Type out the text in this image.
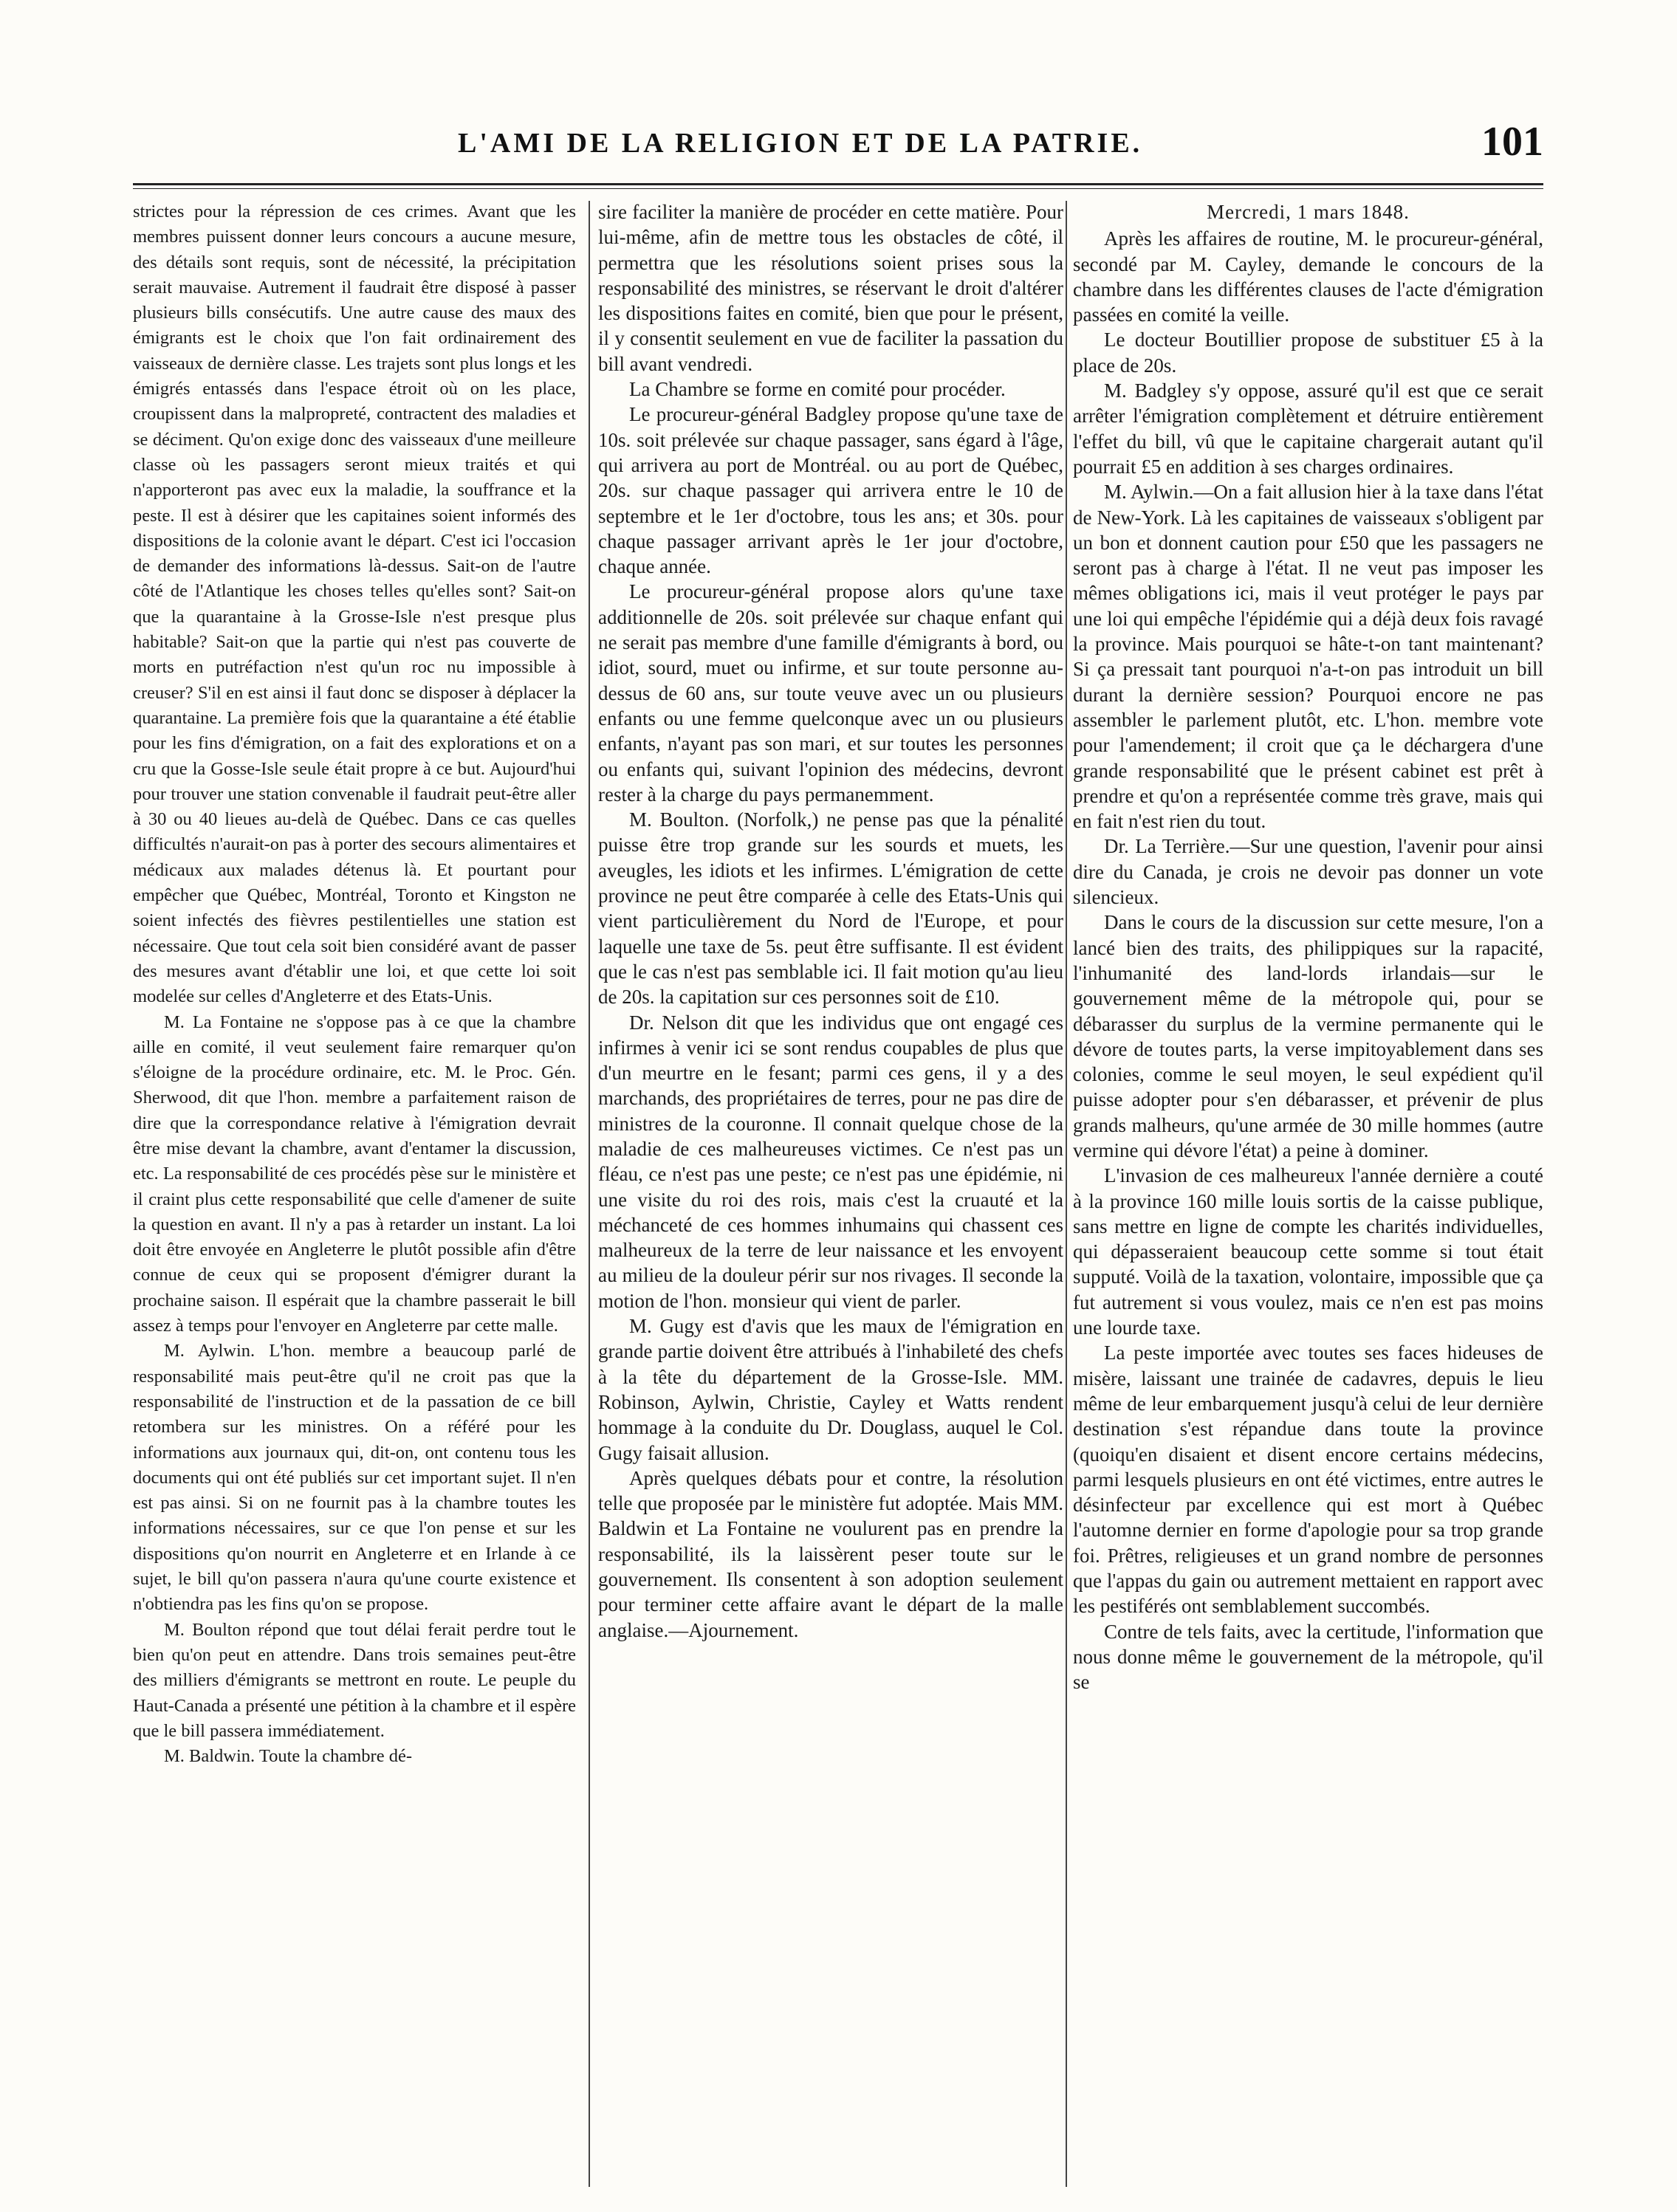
L'AMI DE LA RELIGION ET DE LA PATRIE.	101

strictes pour la répression de ces crimes. Avant que les membres puissent donner leurs concours a aucune mesure, des détails sont requis, sont de nécessité, la précipitation serait mauvaise. Autrement il faudrait être disposé à passer plusieurs bills consécutifs. Une autre cause des maux des émigrants est le choix que l'on fait ordinairement des vaisseaux de dernière classe. Les trajets sont plus longs et les émigrés entassés dans l'espace étroit où on les place, croupissent dans la malpropreté, contractent des maladies et se déciment. Qu'on exige donc des vaisseaux d'une meilleure classe où les passagers seront mieux traités et qui n'apporteront pas avec eux la maladie, la souffrance et la peste. Il est à désirer que les capitaines soient informés des dispositions de la colonie avant le départ. C'est ici l'occasion de demander des informations là-dessus. Sait-on de l'autre côté de l'Atlantique les choses telles qu'elles sont? Sait-on que la quarantaine à la Grosse-Isle n'est presque plus habitable? Sait-on que la partie qui n'est pas couverte de morts en putréfaction n'est qu'un roc nu impossible à creuser? S'il en est ainsi il faut donc se disposer à déplacer la quarantaine. La première fois que la quarantaine a été établie pour les fins d'émigration, on a fait des explorations et on a cru que la Gosse-Isle seule était propre à ce but. Aujourd'hui pour trouver une station convenable il faudrait peut-être aller à 30 ou 40 lieues au-delà de Québec. Dans ce cas quelles difficultés n'aurait-on pas à porter des secours alimentaires et médicaux aux malades détenus là. Et pourtant pour empêcher que Québec, Montréal, Toronto et Kingston ne soient infectés des fièvres pestilentielles une station est nécessaire. Que tout cela soit bien considéré avant de passer des mesures avant d'établir une loi, et que cette loi soit modelée sur celles d'Angleterre et des Etats-Unis.

M. La Fontaine ne s'oppose pas à ce que la chambre aille en comité, il veut seulement faire remarquer qu'on s'éloigne de la procédure ordinaire, etc. M. le Proc. Gén. Sherwood, dit que l'hon. membre a parfaitement raison de dire que la correspondance relative à l'émigration devrait être mise devant la chambre, avant d'entamer la discussion, etc. La responsabilité de ces procédés pèse sur le ministère et il craint plus cette responsabilité que celle d'amener de suite la question en avant. Il n'y a pas à retarder un instant. La loi doit être envoyée en Angleterre le plutôt possible afin d'être connue de ceux qui se proposent d'émigrer durant la prochaine saison. Il espérait que la chambre passerait le bill assez à temps pour l'envoyer en Angleterre par cette malle.

M. Aylwin. L'hon. membre a beaucoup parlé de responsabilité mais peut-être qu'il ne croit pas que la responsabilité de l'instruction et de la passation de ce bill retombera sur les ministres. On a référé pour les informations aux journaux qui, dit-on, ont contenu tous les documents qui ont été publiés sur cet important sujet. Il n'en est pas ainsi. Si on ne fournit pas à la chambre toutes les informations nécessaires, sur ce que l'on pense et sur les dispositions qu'on nourrit en Angleterre et en Irlande à ce sujet, le bill qu'on passera n'aura qu'une courte existence et n'obtiendra pas les fins qu'on se propose.

M. Boulton répond que tout délai ferait perdre tout le bien qu'on peut en attendre. Dans trois semaines peut-être des milliers d'émigrants se mettront en route. Le peuple du Haut-Canada a présenté une pétition à la chambre et il espère que le bill passera immédiatement.

M. Baldwin. Toute la chambre dé-

sire faciliter la manière de procéder en cette matière. Pour lui-même, afin de mettre tous les obstacles de côté, il permettra que les résolutions soient prises sous la responsabilité des ministres, se réservant le droit d'altérer les dispositions faites en comité, bien que pour le présent, il y consentit seulement en vue de faciliter la passation du bill avant vendredi.

La Chambre se forme en comité pour procéder.

Le procureur-général Badgley propose qu'une taxe de 10s. soit prélevée sur chaque passager, sans égard à l'âge, qui arrivera au port de Montréal. ou au port de Québec, 20s. sur chaque passager qui arrivera entre le 10 de septembre et le 1er d'octobre, tous les ans; et 30s. pour chaque passager arrivant après le 1er jour d'octobre, chaque année.

Le procureur-général propose alors qu'une taxe additionnelle de 20s. soit prélevée sur chaque enfant qui ne serait pas membre d'une famille d'émigrants à bord, ou idiot, sourd, muet ou infirme, et sur toute personne au-dessus de 60 ans, sur toute veuve avec un ou plusieurs enfants ou une femme quelconque avec un ou plusieurs enfants, n'ayant pas son mari, et sur toutes les personnes ou enfants qui, suivant l'opinion des médecins, devront rester à la charge du pays permanemment.

M. Boulton. (Norfolk,) ne pense pas que la pénalité puisse être trop grande sur les sourds et muets, les aveugles, les idiots et les infirmes. L'émigration de cette province ne peut être comparée à celle des Etats-Unis qui vient particulièrement du Nord de l'Europe, et pour laquelle une taxe de 5s. peut être suffisante. Il est évident que le cas n'est pas semblable ici. Il fait motion qu'au lieu de 20s. la capitation sur ces personnes soit de £10.

Dr. Nelson dit que les individus que ont engagé ces infirmes à venir ici se sont rendus coupables de plus que d'un meurtre en le fesant; parmi ces gens, il y a des marchands, des propriétaires de terres, pour ne pas dire de ministres de la couronne. Il connait quelque chose de la maladie de ces malheureuses victimes. Ce n'est pas un fléau, ce n'est pas une peste; ce n'est pas une épidémie, ni une visite du roi des rois, mais c'est la cruauté et la méchanceté de ces hommes inhumains qui chassent ces malheureux de la terre de leur naissance et les envoyent au milieu de la douleur périr sur nos rivages. Il seconde la motion de l'hon. monsieur qui vient de parler.

M. Gugy est d'avis que les maux de l'émigration en grande partie doivent être attribués à l'inhabileté des chefs à la tête du département de la Grosse-Isle. MM. Robinson, Aylwin, Christie, Cayley et Watts rendent hommage à la conduite du Dr. Douglass, auquel le Col. Gugy faisait allusion.

Après quelques débats pour et contre, la résolution telle que proposée par le ministère fut adoptée. Mais MM. Baldwin et La Fontaine ne voulurent pas en prendre la responsabilité, ils la laissèrent peser toute sur le gouvernement. Ils consentent à son adoption seulement pour terminer cette affaire avant le départ de la malle anglaise.—Ajournement.

Mercredi, 1 mars 1848.

Après les affaires de routine, M. le procureur-général, secondé par M. Cayley, demande le concours de la chambre dans les différentes clauses de l'acte d'émigration passées en comité la veille.

Le docteur Boutillier propose de substituer £5 à la place de 20s.

M. Badgley s'y oppose, assuré qu'il est que ce serait arrêter l'émigration complètement et détruire entièrement l'effet du bill, vû que le capitaine chargerait autant qu'il pourrait £5 en addition à ses charges ordinaires.

M. Aylwin.—On a fait allusion hier à la taxe dans l'état de New-York. Là les capitaines de vaisseaux s'obligent par un bon et donnent caution pour £50 que les passagers ne seront pas à charge à l'état. Il ne veut pas imposer les mêmes obligations ici, mais il veut protéger le pays par une loi qui empêche l'épidémie qui a déjà deux fois ravagé la province. Mais pourquoi se hâte-t-on tant maintenant? Si ça pressait tant pourquoi n'a-t-on pas introduit un bill durant la dernière session? Pourquoi encore ne pas assembler le parlement plutôt, etc. L'hon. membre vote pour l'amendement; il croit que ça le déchargera d'une grande responsabilité que le présent cabinet est prêt à prendre et qu'on a représentée comme très grave, mais qui en fait n'est rien du tout.

Dr. La Terrière.—Sur une question, l'avenir pour ainsi dire du Canada, je crois ne devoir pas donner un vote silencieux.

Dans le cours de la discussion sur cette mesure, l'on a lancé bien des traits, des philippiques sur la rapacité, l'inhumanité des land-lords irlandais—sur le gouvernement même de la métropole qui, pour se débarasser du surplus de la vermine permanente qui le dévore de toutes parts, la verse impitoyablement dans ses colonies, comme le seul moyen, le seul expédient qu'il puisse adopter pour s'en débarasser, et prévenir de plus grands malheurs, qu'une armée de 30 mille hommes (autre vermine qui dévore l'état) a peine à dominer.

L'invasion de ces malheureux l'année dernière a couté à la province 160 mille louis sortis de la caisse publique, sans mettre en ligne de compte les charités individuelles, qui dépasseraient beaucoup cette somme si tout était supputé. Voilà de la taxation, volontaire, impossible que ça fut autrement si vous voulez, mais ce n'en est pas moins une lourde taxe.

La peste importée avec toutes ses faces hideuses de misère, laissant une trainée de cadavres, depuis le lieu même de leur embarquement jusqu'à celui de leur dernière destination s'est répandue dans toute la province (quoiqu'en disaient et disent encore certains médecins, parmi lesquels plusieurs en ont été victimes, entre autres le désinfecteur par excellence qui est mort à Québec l'automne dernier en forme d'apologie pour sa trop grande foi. Prêtres, religieuses et un grand nombre de personnes que l'appas du gain ou autrement mettaient en rapport avec les pestiférés ont semblablement succombés.

Contre de tels faits, avec la certitude, l'information que nous donne même le gouvernement de la métropole, qu'il se
